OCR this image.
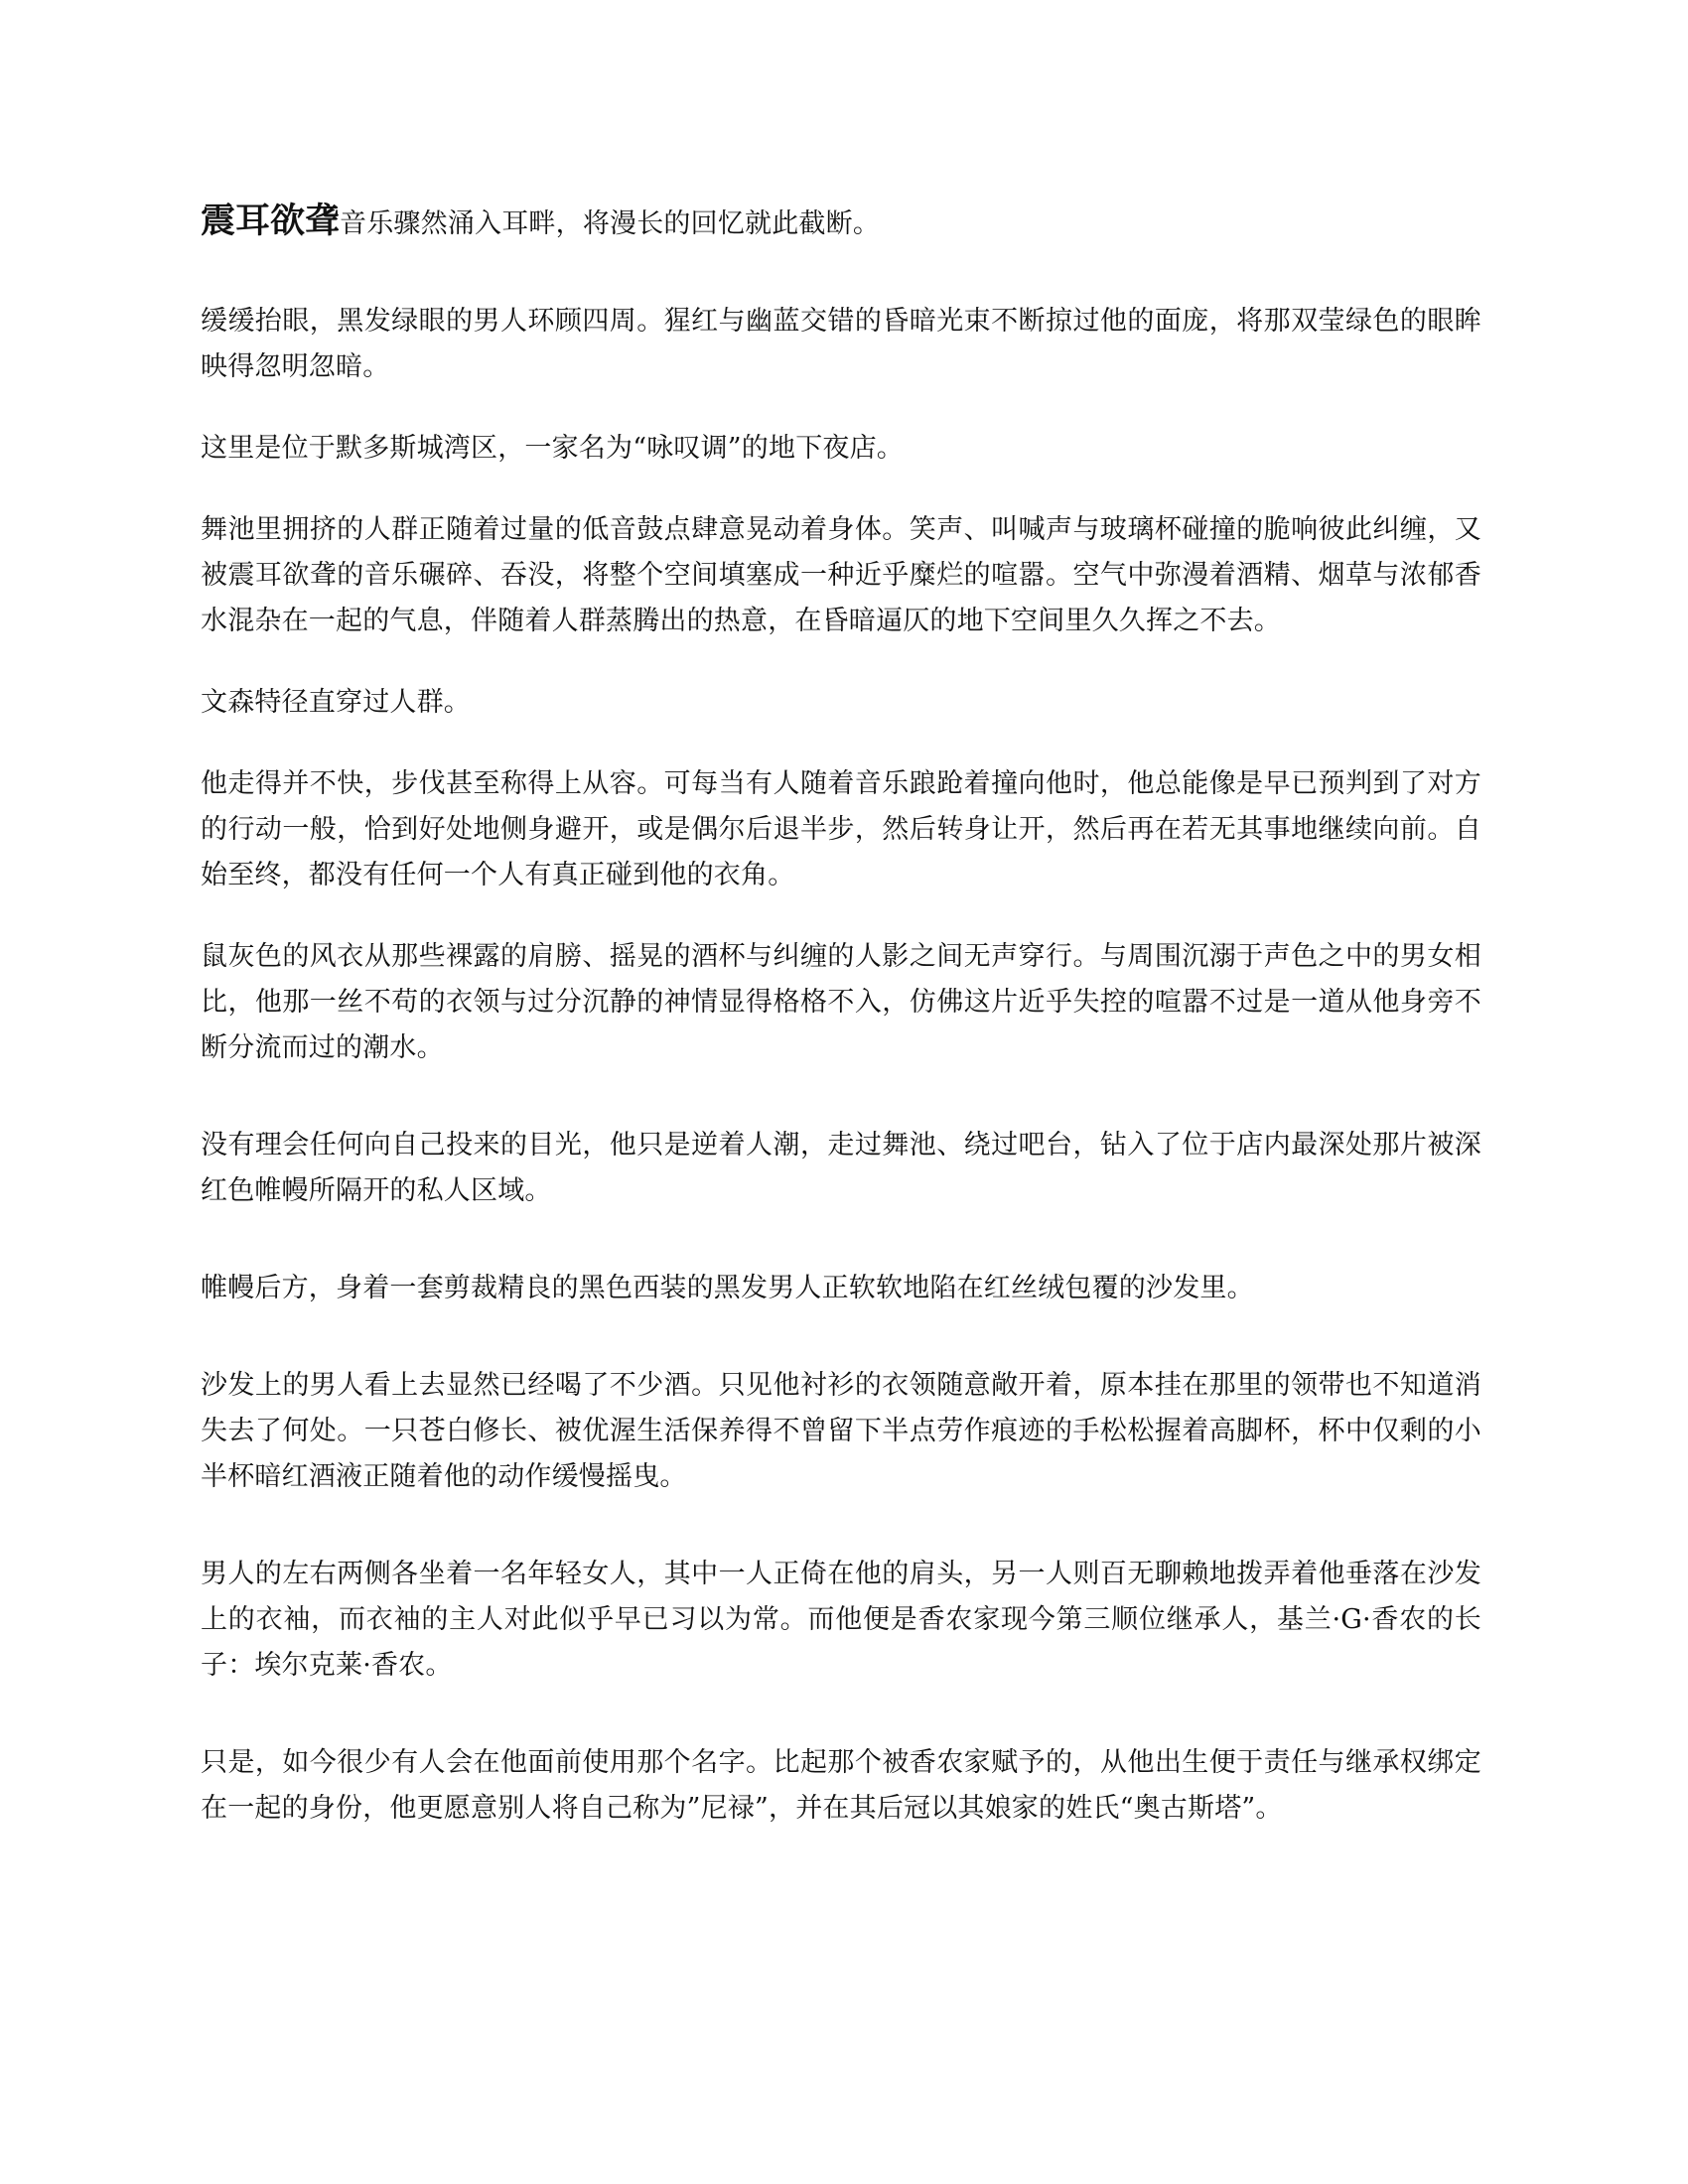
震耳欲聋音乐骤然涌入耳畔，将漫长的回忆就此截断。

缓缓抬眼，黑发绿眼的男人环顾四周。猩红与幽蓝交错的昏暗光束不断掠过他的面庞，将那双莹绿色的眼眸映得忽明忽暗。

这里是位于默多斯城湾区，一家名为“咏叹调”的地下夜店。

舞池里拥挤的人群正随着过量的低音鼓点肆意晃动着身体。笑声、叫喊声与玻璃杯碰撞的脆响彼此纠缠，又被震耳欲聋的音乐碾碎、吞没，将整个空间填塞成一种近乎糜烂的喧嚣。空气中弥漫着酒精、烟草与浓郁香水混杂在一起的气息，伴随着人群蒸腾出的热意，在昏暗逼仄的地下空间里久久挥之不去。

文森特径直穿过人群。

他走得并不快，步伐甚至称得上从容。可每当有人随着音乐踉跄着撞向他时，他总能像是早已预判到了对方的行动一般，恰到好处地侧身避开，或是偶尔后退半步，然后转身让开，然后再在若无其事地继续向前。自始至终，都没有任何一个人有真正碰到他的衣角。

鼠灰色的风衣从那些裸露的肩膀、摇晃的酒杯与纠缠的人影之间无声穿行。与周围沉溺于声色之中的男女相比，他那一丝不苟的衣领与过分沉静的神情显得格格不入，仿佛这片近乎失控的喧嚣不过是一道从他身旁不断分流而过的潮水。

没有理会任何向自己投来的目光，他只是逆着人潮，走过舞池、绕过吧台，钻入了位于店内最深处那片被深红色帷幔所隔开的私人区域。

帷幔后方，身着一套剪裁精良的黑色西装的黑发男人正软软地陷在红丝绒包覆的沙发里。

沙发上的男人看上去显然已经喝了不少酒。只见他衬衫的衣领随意敞开着，原本挂在那里的领带也不知道消失去了何处。一只苍白修长、被优渥生活保养得不曾留下半点劳作痕迹的手松松握着高脚杯，杯中仅剩的小半杯暗红酒液正随着他的动作缓慢摇曳。

男人的左右两侧各坐着一名年轻女人，其中一人正倚在他的肩头，另一人则百无聊赖地拨弄着他垂落在沙发上的衣袖，而衣袖的主人对此似乎早已习以为常。而他便是香农家现今第三顺位继承人，基兰·G·香农的长子：埃尔克莱·香农。

只是，如今很少有人会在他面前使用那个名字。比起那个被香农家赋予的，从他出生便于责任与继承权绑定在一起的身份，他更愿意别人将自己称为”尼禄”，并在其后冠以其娘家的姓氏“奥古斯塔”。
